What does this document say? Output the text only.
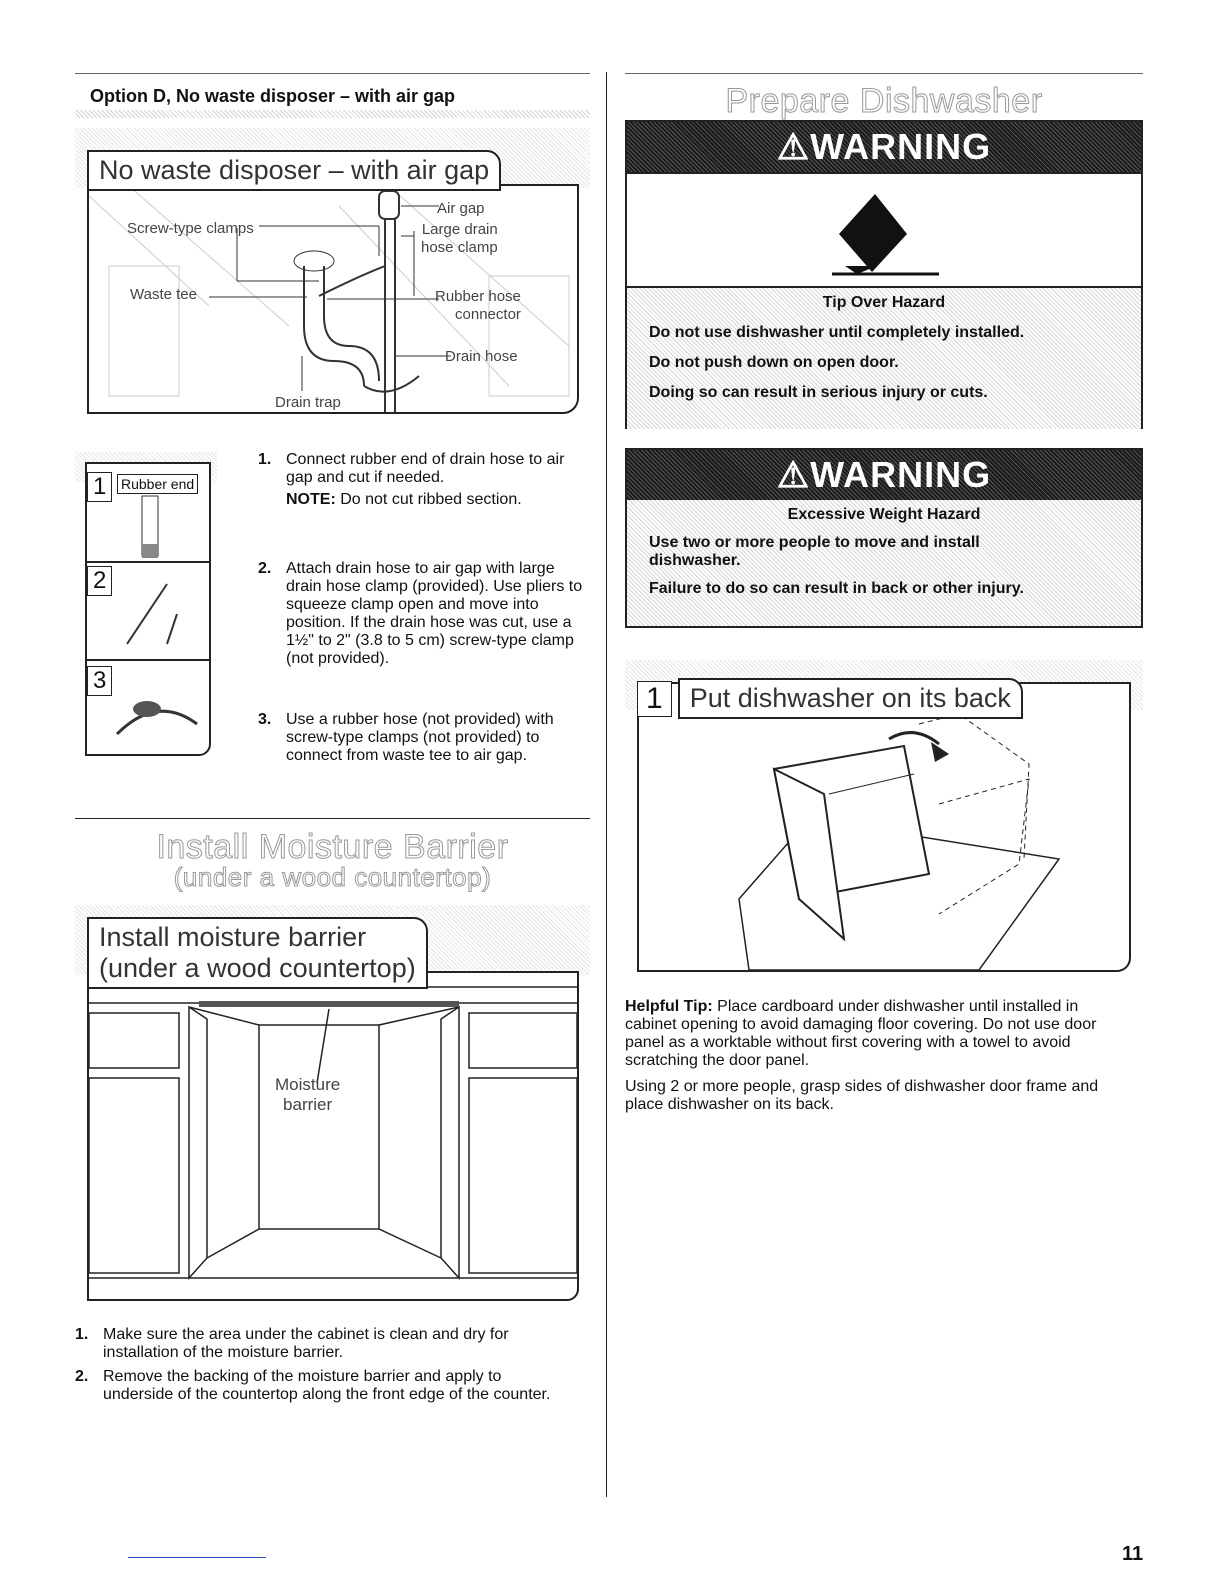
Option D, No waste disposer – with air gap
No waste disposer – with air gap
Screw-type clamps
Air gap
Large drain
hose clamp
Waste tee	Rubber hose
connector
Drain hose
Drain trap
1	Rubber end
2
3
1. Connect rubber end of drain hose to air gap and cut if needed.
NOTE: Do not cut ribbed section.
2. Attach drain hose to air gap with large drain hose clamp (provided). Use pliers to squeeze clamp open and move into position. If the drain hose was cut, use a 1½" to 2" (3.8 to 5 cm) screw-type clamp (not provided).
3. Use a rubber hose (not provided) with screw-type clamps (not provided) to connect from waste tee to air gap.
Install Moisture Barrier
(under a wood countertop)
Install moisture barrier
(under a wood countertop)
Moisture
barrier
1. Make sure the area under the cabinet is clean and dry for installation of the moisture barrier.
2. Remove the backing of the moisture barrier and apply to underside of the countertop along the front edge of the counter.
Prepare Dishwasher
⚠WARNING
Tip Over Hazard
Do not use dishwasher until completely installed.
Do not push down on open door.
Doing so can result in serious injury or cuts.
⚠WARNING
Excessive Weight Hazard
Use two or more people to move and install dishwasher.
Failure to do so can result in back or other injury.
1	Put dishwasher on its back
Helpful Tip: Place cardboard under dishwasher until installed in cabinet opening to avoid damaging floor covering. Do not use door panel as a worktable without first covering with a towel to avoid scratching the door panel.
Using 2 or more people, grasp sides of dishwasher door frame and place dishwasher on its back.
11
